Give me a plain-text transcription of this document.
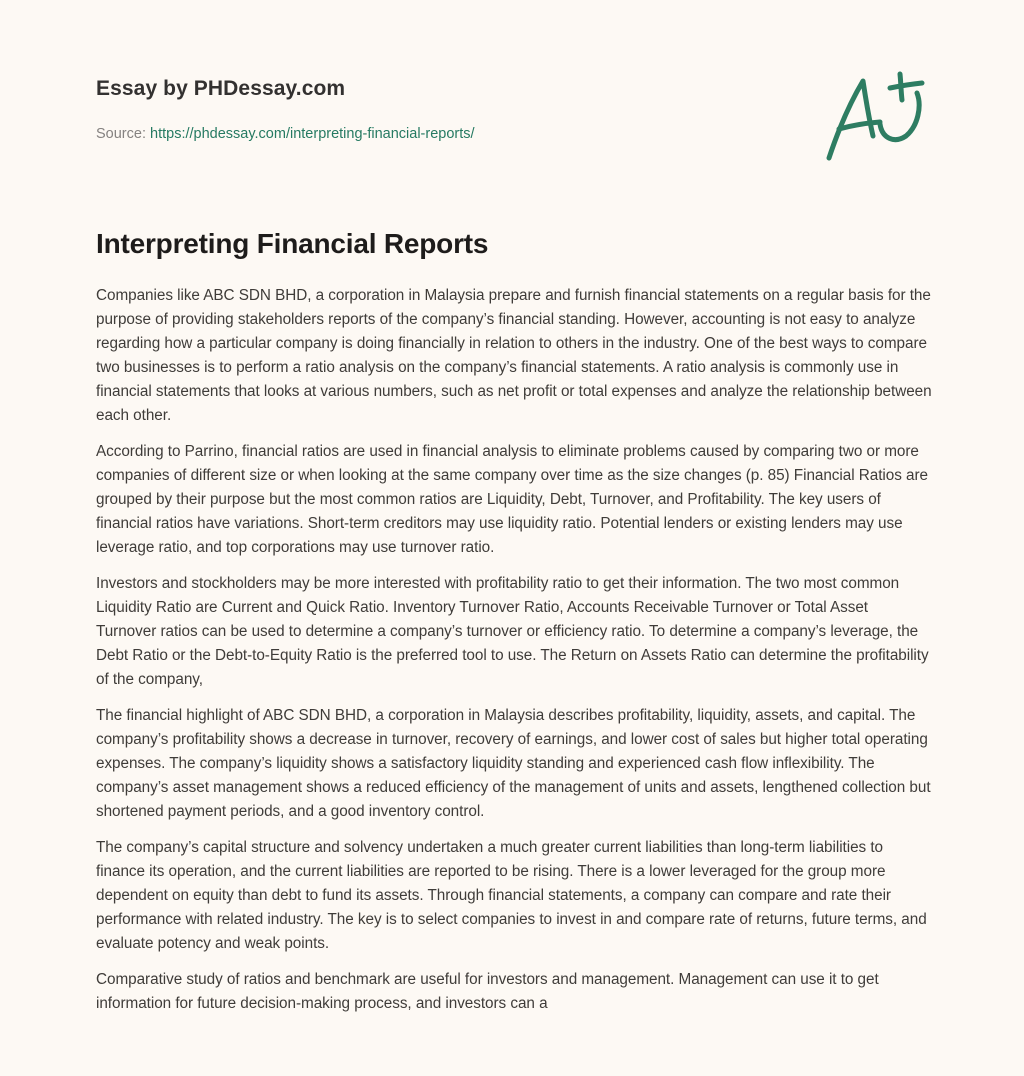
Essay by PHDessay.com
Source: https://phdessay.com/interpreting-financial-reports/
Interpreting Financial Reports

Companies like ABC SDN BHD, a corporation in Malaysia prepare and furnish financial statements on a regular basis for the purpose of providing stakeholders reports of the company’s financial standing. However, accounting is not easy to analyze regarding how a particular company is doing financially in relation to others in the industry. One of the best ways to compare two businesses is to perform a ratio analysis on the company’s financial statements. A ratio analysis is commonly use in financial statements that looks at various numbers, such as net profit or total expenses and analyze the relationship between each other.

According to Parrino, financial ratios are used in financial analysis to eliminate problems caused by comparing two or more companies of different size or when looking at the same company over time as the size changes (p. 85) Financial Ratios are grouped by their purpose but the most common ratios are Liquidity, Debt, Turnover, and Profitability. The key users of financial ratios have variations. Short-term creditors may use liquidity ratio. Potential lenders or existing lenders may use leverage ratio, and top corporations may use turnover ratio.

Investors and stockholders may be more interested with profitability ratio to get their information. The two most common Liquidity Ratio are Current and Quick Ratio. Inventory Turnover Ratio, Accounts Receivable Turnover or Total Asset Turnover ratios can be used to determine a company’s turnover or efficiency ratio. To determine a company’s leverage, the Debt Ratio or the Debt-to-Equity Ratio is the preferred tool to use. The Return on Assets Ratio can determine the profitability of the company,

The financial highlight of ABC SDN BHD, a corporation in Malaysia describes profitability, liquidity, assets, and capital. The company’s profitability shows a decrease in turnover, recovery of earnings, and lower cost of sales but higher total operating expenses. The company’s liquidity shows a satisfactory liquidity standing and experienced cash flow inflexibility. The company’s asset management shows a reduced efficiency of the management of units and assets, lengthened collection but shortened payment periods, and a good inventory control.

The company’s capital structure and solvency undertaken a much greater current liabilities than long-term liabilities to finance its operation, and the current liabilities are reported to be rising. There is a lower leveraged for the group more dependent on equity than debt to fund its assets. Through financial statements, a company can compare and rate their performance with related industry. The key is to select companies to invest in and compare rate of returns, future terms, and evaluate potency and weak points.

Comparative study of ratios and benchmark are useful for investors and management. Management can use it to get information for future decision-making process, and investors can a
